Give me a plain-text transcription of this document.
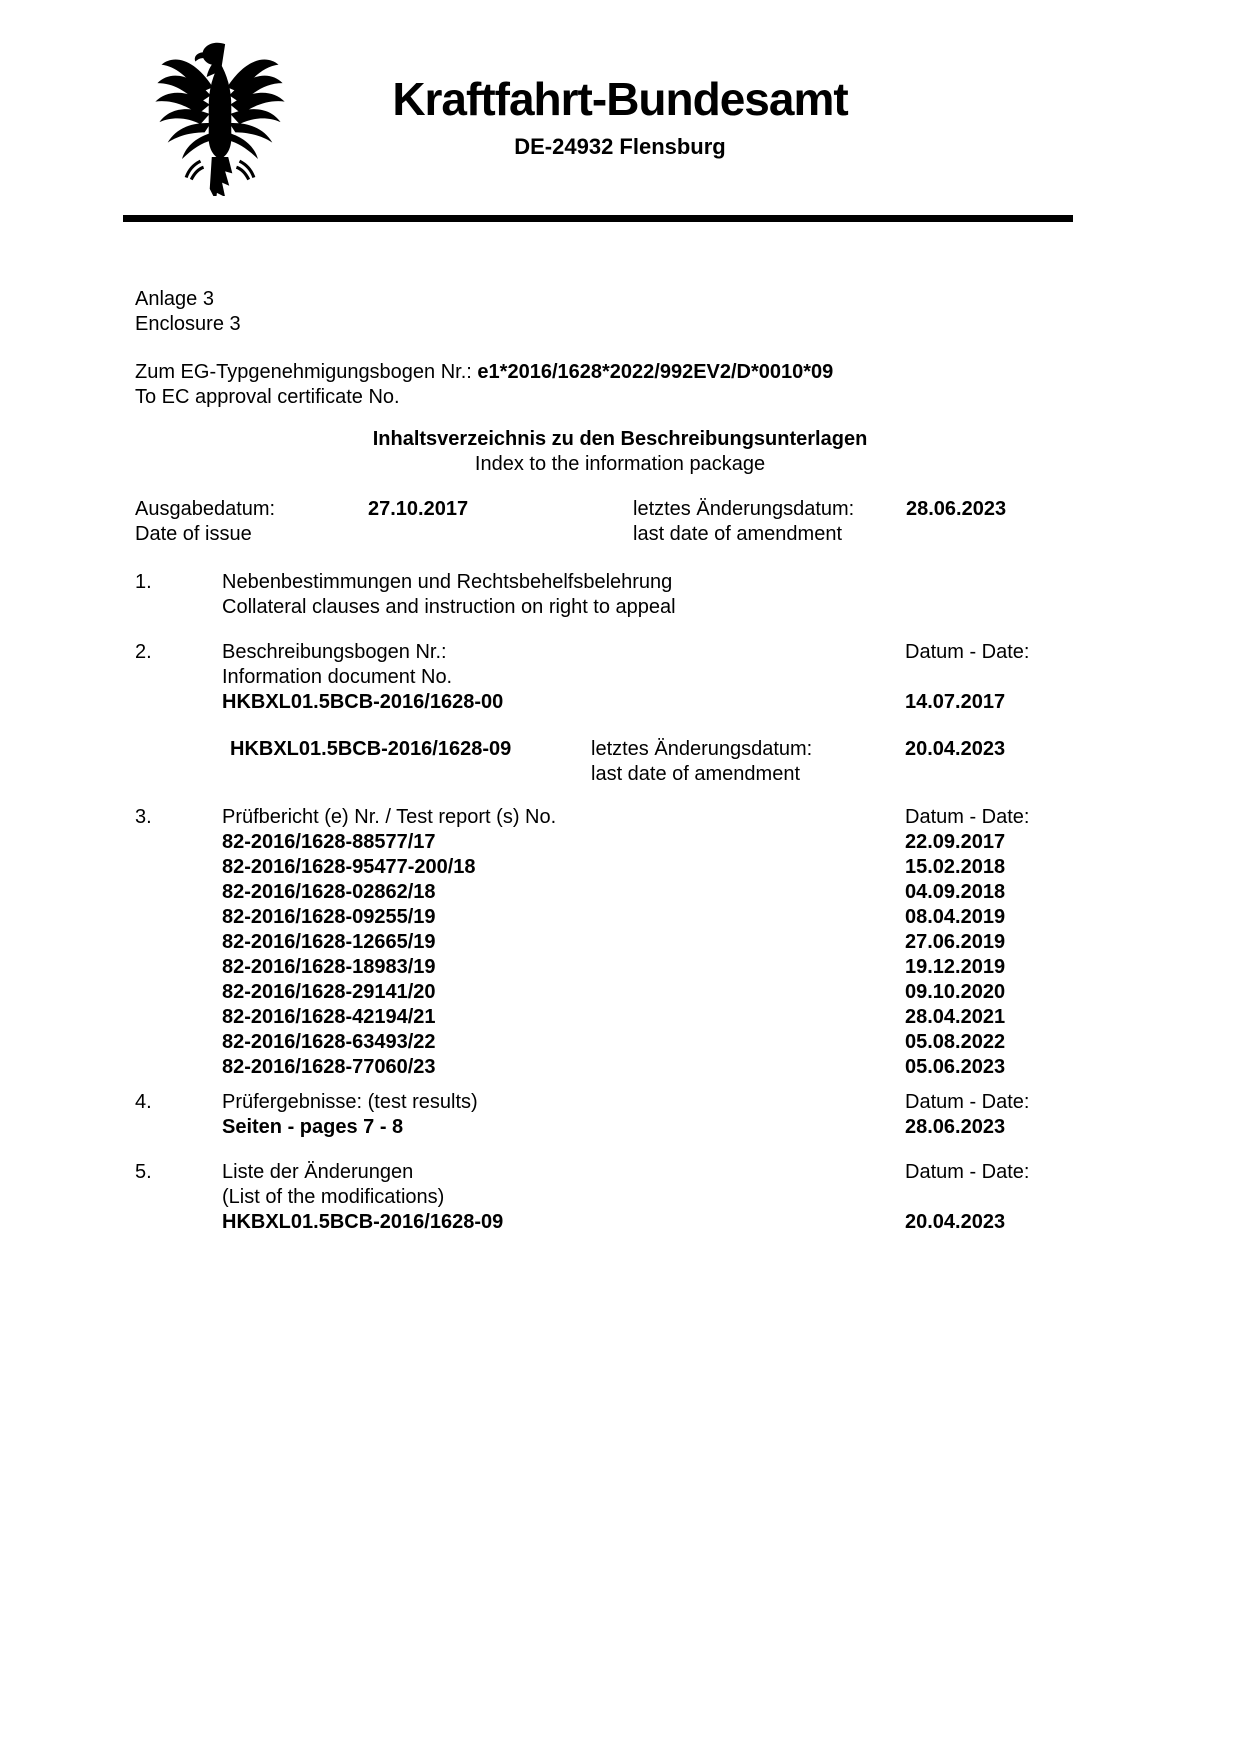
Kraftfahrt-Bundesamt
DE-24932 Flensburg
Anlage 3
Enclosure 3
Zum EG-Typgenehmigungsbogen Nr.: e1*2016/1628*2022/992EV2/D*0010*09
To EC approval certificate No.
Inhaltsverzeichnis zu den Beschreibungsunterlagen
Index to the information package
Ausgabedatum:	27.10.2017	letztes Änderungsdatum:	28.06.2023
Date of issue	last date of amendment
1.	Nebenbestimmungen und Rechtsbehelfsbelehrung
Collateral clauses and instruction on right to appeal
2.	Beschreibungsbogen Nr.:	Datum - Date:
Information document No.
HKBXL01.5BCB-2016/1628-00	14.07.2017
HKBXL01.5BCB-2016/1628-09	letztes Änderungsdatum:	20.04.2023
last date of amendment
3.	Prüfbericht (e) Nr. / Test report (s) No.	Datum - Date:
82-2016/1628-88577/17	22.09.2017
82-2016/1628-95477-200/18	15.02.2018
82-2016/1628-02862/18	04.09.2018
82-2016/1628-09255/19	08.04.2019
82-2016/1628-12665/19	27.06.2019
82-2016/1628-18983/19	19.12.2019
82-2016/1628-29141/20	09.10.2020
82-2016/1628-42194/21	28.04.2021
82-2016/1628-63493/22	05.08.2022
82-2016/1628-77060/23	05.06.2023
4.	Prüfergebnisse: (test results)	Datum - Date:
Seiten - pages 7 - 8	28.06.2023
5.	Liste der Änderungen	Datum - Date:
(List of the modifications)
HKBXL01.5BCB-2016/1628-09	20.04.2023
